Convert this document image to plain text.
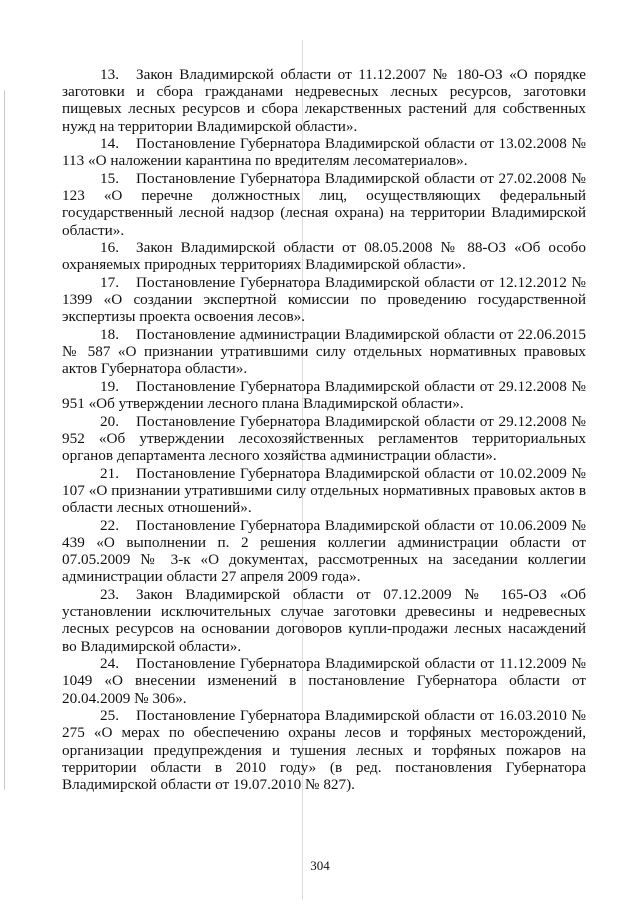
13. Закон Владимирской области от 11.12.2007 № 180-ОЗ «О порядке заготовки и сбора гражданами недревесных лесных ресурсов, заготовки пищевых лесных ресурсов и сбора лекарственных растений для собственных нужд на территории Владимирской области».

14. Постановление Губернатора Владимирской области от 13.02.2008 № 113 «О наложении карантина по вредителям лесоматериалов».

15. Постановление Губернатора Владимирской области от 27.02.2008 № 123 «О перечне должностных лиц, осуществляющих федеральный государственный лесной надзор (лесная охрана) на территории Владимирской области».

16. Закон Владимирской области от 08.05.2008 № 88-ОЗ «Об особо охраняемых природных территориях Владимирской области».

17. Постановление Губернатора Владимирской области от 12.12.2012 № 1399 «О создании экспертной комиссии по проведению государственной экспертизы проекта освоения лесов».

18. Постановление администрации Владимирской области от 22.06.2015 № 587 «О признании утратившими силу отдельных нормативных правовых актов Губернатора области».

19. Постановление Губернатора Владимирской области от 29.12.2008 № 951 «Об утверждении лесного плана Владимирской области».

20. Постановление Губернатора Владимирской области от 29.12.2008 № 952 «Об утверждении лесохозяйственных регламентов территориальных органов департамента лесного хозяйства администрации области».

21. Постановление Губернатора Владимирской области от 10.02.2009 № 107 «О признании утратившими силу отдельных нормативных правовых актов в области лесных отношений».

22. Постановление Губернатора Владимирской области от 10.06.2009 № 439 «О выполнении п. 2 решения коллегии администрации области от 07.05.2009 № 3-к «О документах, рассмотренных на заседании коллегии администрации области 27 апреля 2009 года».

23. Закон Владимирской области от 07.12.2009 № 165-ОЗ «Об установлении исключительных случае заготовки древесины и недревесных лесных ресурсов на основании договоров купли-продажи лесных насаждений во Владимирской области».

24. Постановление Губернатора Владимирской области от 11.12.2009 № 1049 «О внесении изменений в постановление Губернатора области от 20.04.2009 № 306».

25. Постановление Губернатора Владимирской области от 16.03.2010 № 275 «О мерах по обеспечению охраны лесов и торфяных месторождений, организации предупреждения и тушения лесных и торфяных пожаров на территории области в 2010 году» (в ред. постановления Губернатора Владимирской области от 19.07.2010 № 827).

304
